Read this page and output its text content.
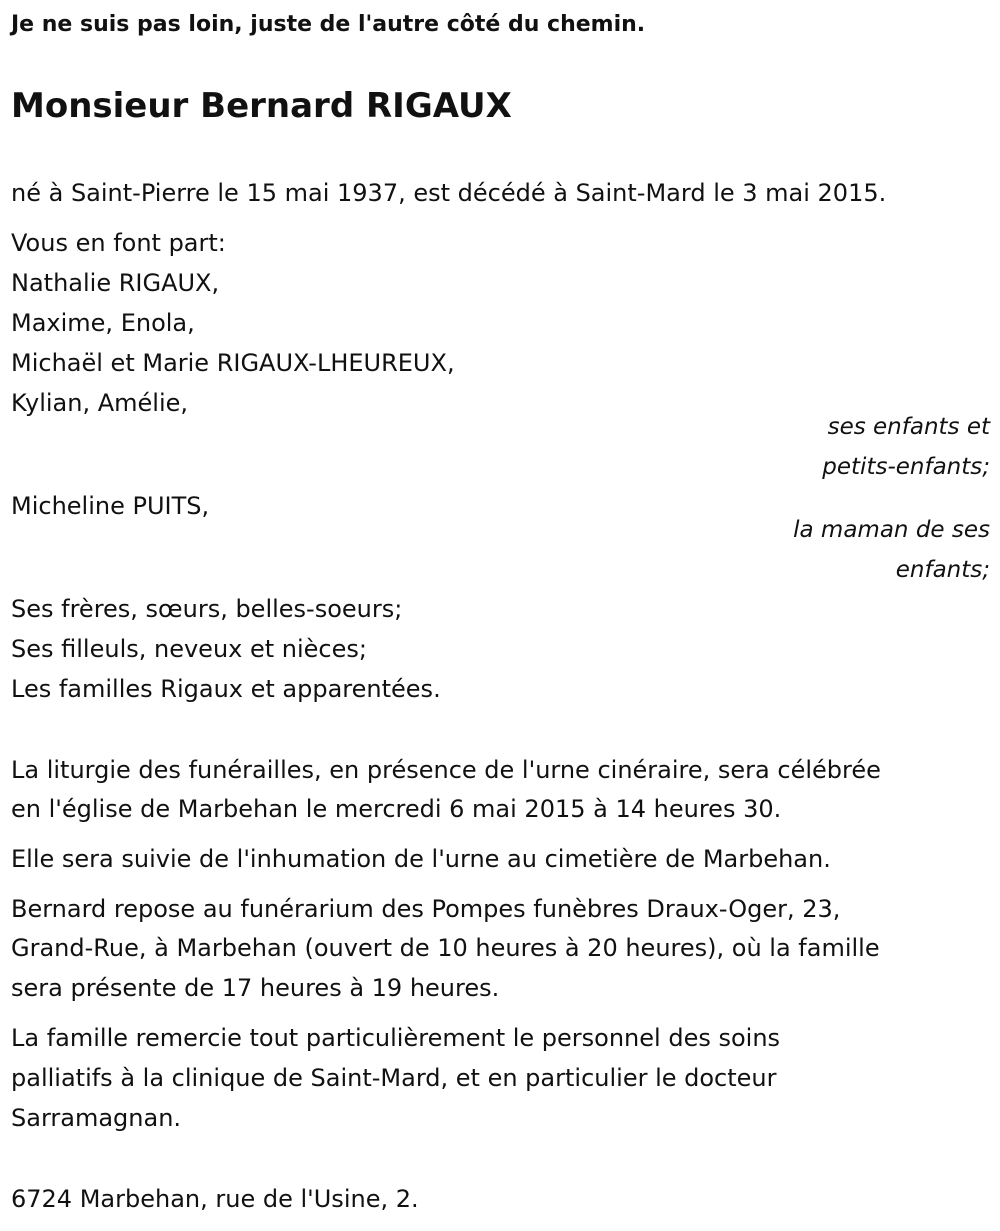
Je ne suis pas loin, juste de l'autre côté du chemin.
Monsieur Bernard RIGAUX
né à Saint-Pierre le 15 mai 1937, est décédé à Saint-Mard le 3 mai 2015.
Vous en font part:
Nathalie RIGAUX,
Maxime, Enola,
Michaël et Marie RIGAUX-LHEUREUX,
Kylian, Amélie,
ses enfants et
petits-enfants;
Micheline PUITS,
la maman de ses
enfants;
Ses frères, sœurs, belles-soeurs;
Ses filleuls, neveux et nièces;
Les familles Rigaux et apparentées.
La liturgie des funérailles, en présence de l'urne cinéraire, sera célébrée
en l'église de Marbehan le mercredi 6 mai 2015 à 14 heures 30.
Elle sera suivie de l'inhumation de l'urne au cimetière de Marbehan.
Bernard repose au funérarium des Pompes funèbres Draux-Oger, 23,
Grand-Rue, à Marbehan (ouvert de 10 heures à 20 heures), où la famille
sera présente de 17 heures à 19 heures.
La famille remercie tout particulièrement le personnel des soins
palliatifs à la clinique de Saint-Mard, et en particulier le docteur
Sarramagnan.
6724 Marbehan, rue de l'Usine, 2.
